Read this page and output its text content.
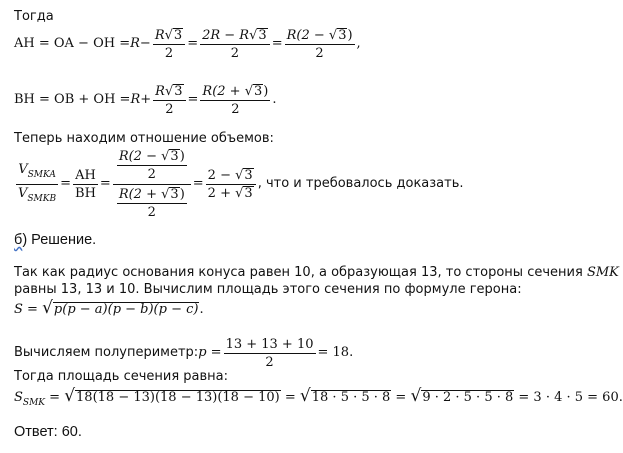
Тогда
AH = OA − OH = $R - \frac{R√3}{2} = \frac{2R - R√3}{2} = \frac{R(2 - √3)}{2}$ ,
BH = OB + OH = $R + \frac{R√3}{2} = \frac{R(2 + √3)}{2}$ .
Теперь находим отношение объемов:
$\frac{V_{SMKA}}{V_{SMKB}} = \frac{AH}{BH} = \frac{\frac{R(2 - √3)}{2}}{\frac{R(2 + √3)}{2}} = \frac{2 - √3}{2 + √3}$ , что и требовалось доказать.
б) Решение.
Так как радиус основания конуса равен 10, а образующая 13, то стороны сечения SMK
равны 13, 13 и 10. Вычислим площадь этого сечения по формуле герона:
S = √p(p − a)(p − b)(p − c).
Вычисляем полупериметр: $p = \frac{13 + 13 + 10}{2} = 18$.
Тогда площадь сечения равна:
$S_{SMK} = √18(18 - 13)(18 - 13)(18 - 10) = √18 \cdot 5 \cdot 5 \cdot 8 = √9 \cdot 2 \cdot 5 \cdot 5 \cdot 8 = 3 \cdot 4 \cdot 5 = 60$.
Ответ: 60.
